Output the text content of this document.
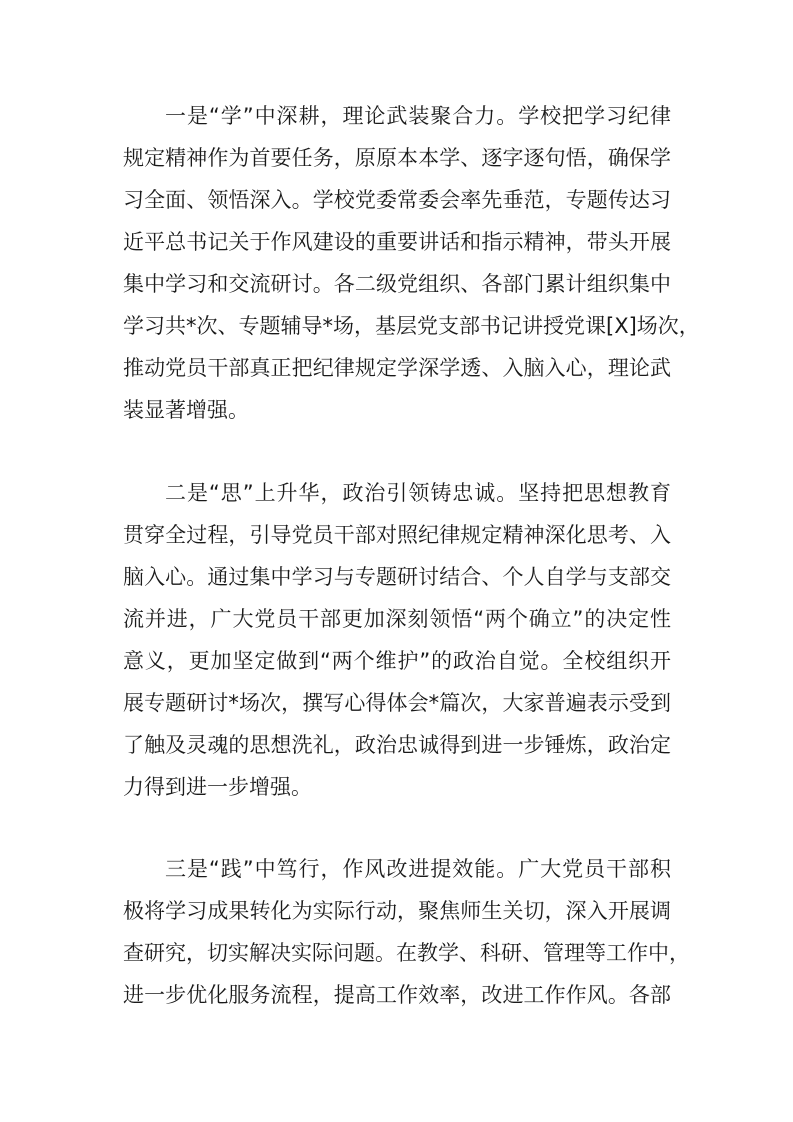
一是“学”中深耕，理论武装聚合力。学校把学习纪律
规定精神作为首要任务，原原本本学、逐字逐句悟，确保学
习全面、领悟深入。学校党委常委会率先垂范，专题传达习
近平总书记关于作风建设的重要讲话和指示精神，带头开展
集中学习和交流研讨。各二级党组织、各部门累计组织集中
学习共*次、专题辅导*场，基层党支部书记讲授党课[X]场次，
推动党员干部真正把纪律规定学深学透、入脑入心，理论武
装显著增强。
二是“思”上升华，政治引领铸忠诚。坚持把思想教育
贯穿全过程，引导党员干部对照纪律规定精神深化思考、入
脑入心。通过集中学习与专题研讨结合、个人自学与支部交
流并进，广大党员干部更加深刻领悟“两个确立”的决定性
意义，更加坚定做到“两个维护”的政治自觉。全校组织开
展专题研讨*场次，撰写心得体会*篇次，大家普遍表示受到
了触及灵魂的思想洗礼，政治忠诚得到进一步锤炼，政治定
力得到进一步增强。
三是“践”中笃行，作风改进提效能。广大党员干部积
极将学习成果转化为实际行动，聚焦师生关切，深入开展调
查研究，切实解决实际问题。在教学、科研、管理等工作中，
进一步优化服务流程，提高工作效率，改进工作作风。各部
